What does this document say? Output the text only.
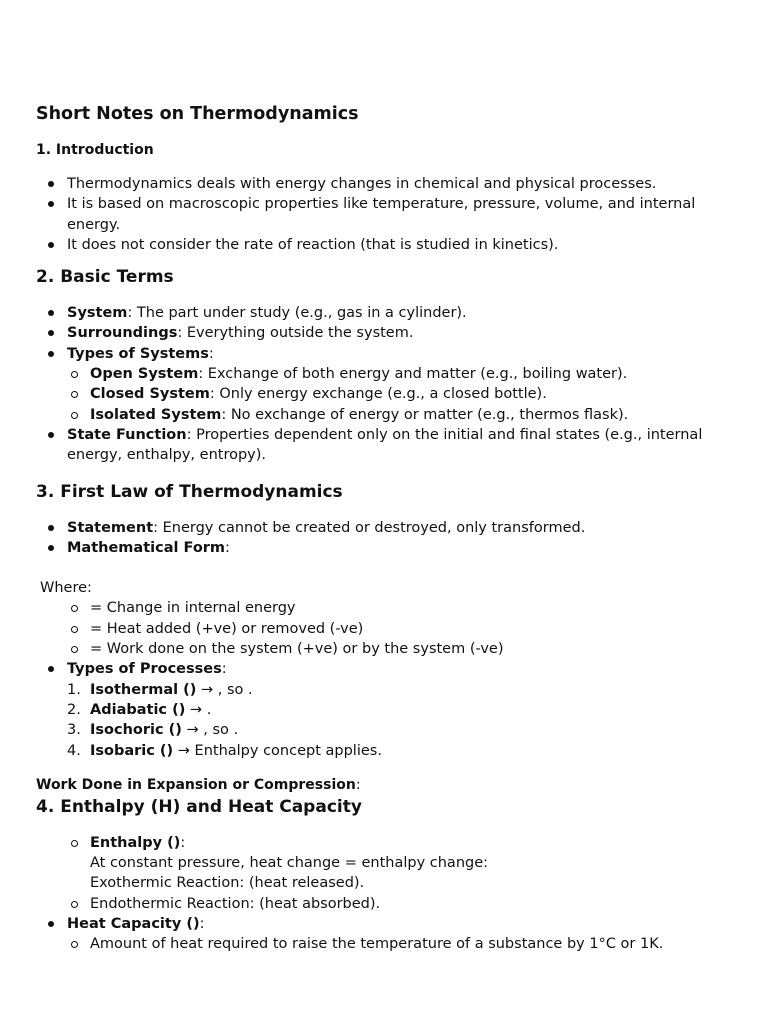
Short Notes on Thermodynamics
1. Introduction
Thermodynamics deals with energy changes in chemical and physical processes.
It is based on macroscopic properties like temperature, pressure, volume, and internal energy.
It does not consider the rate of reaction (that is studied in kinetics).
2. Basic Terms
System: The part under study (e.g., gas in a cylinder).
Surroundings: Everything outside the system.
Types of Systems:
Open System: Exchange of both energy and matter (e.g., boiling water).
Closed System: Only energy exchange (e.g., a closed bottle).
Isolated System: No exchange of energy or matter (e.g., thermos flask).
State Function: Properties dependent only on the initial and final states (e.g., internal energy, enthalpy, entropy).
3. First Law of Thermodynamics
Statement: Energy cannot be created or destroyed, only transformed.
Mathematical Form:
Where:
= Change in internal energy
= Heat added (+ve) or removed (-ve)
= Work done on the system (+ve) or by the system (-ve)
Types of Processes:
1. Isothermal () → , so .
2. Adiabatic () → .
3. Isochoric () → , so .
4. Isobaric () → Enthalpy concept applies.
Work Done in Expansion or Compression:
4. Enthalpy (H) and Heat Capacity
Enthalpy ():
At constant pressure, heat change = enthalpy change:
Exothermic Reaction: (heat released).
Endothermic Reaction: (heat absorbed).
Heat Capacity ():
Amount of heat required to raise the temperature of a substance by 1°C or 1K.
